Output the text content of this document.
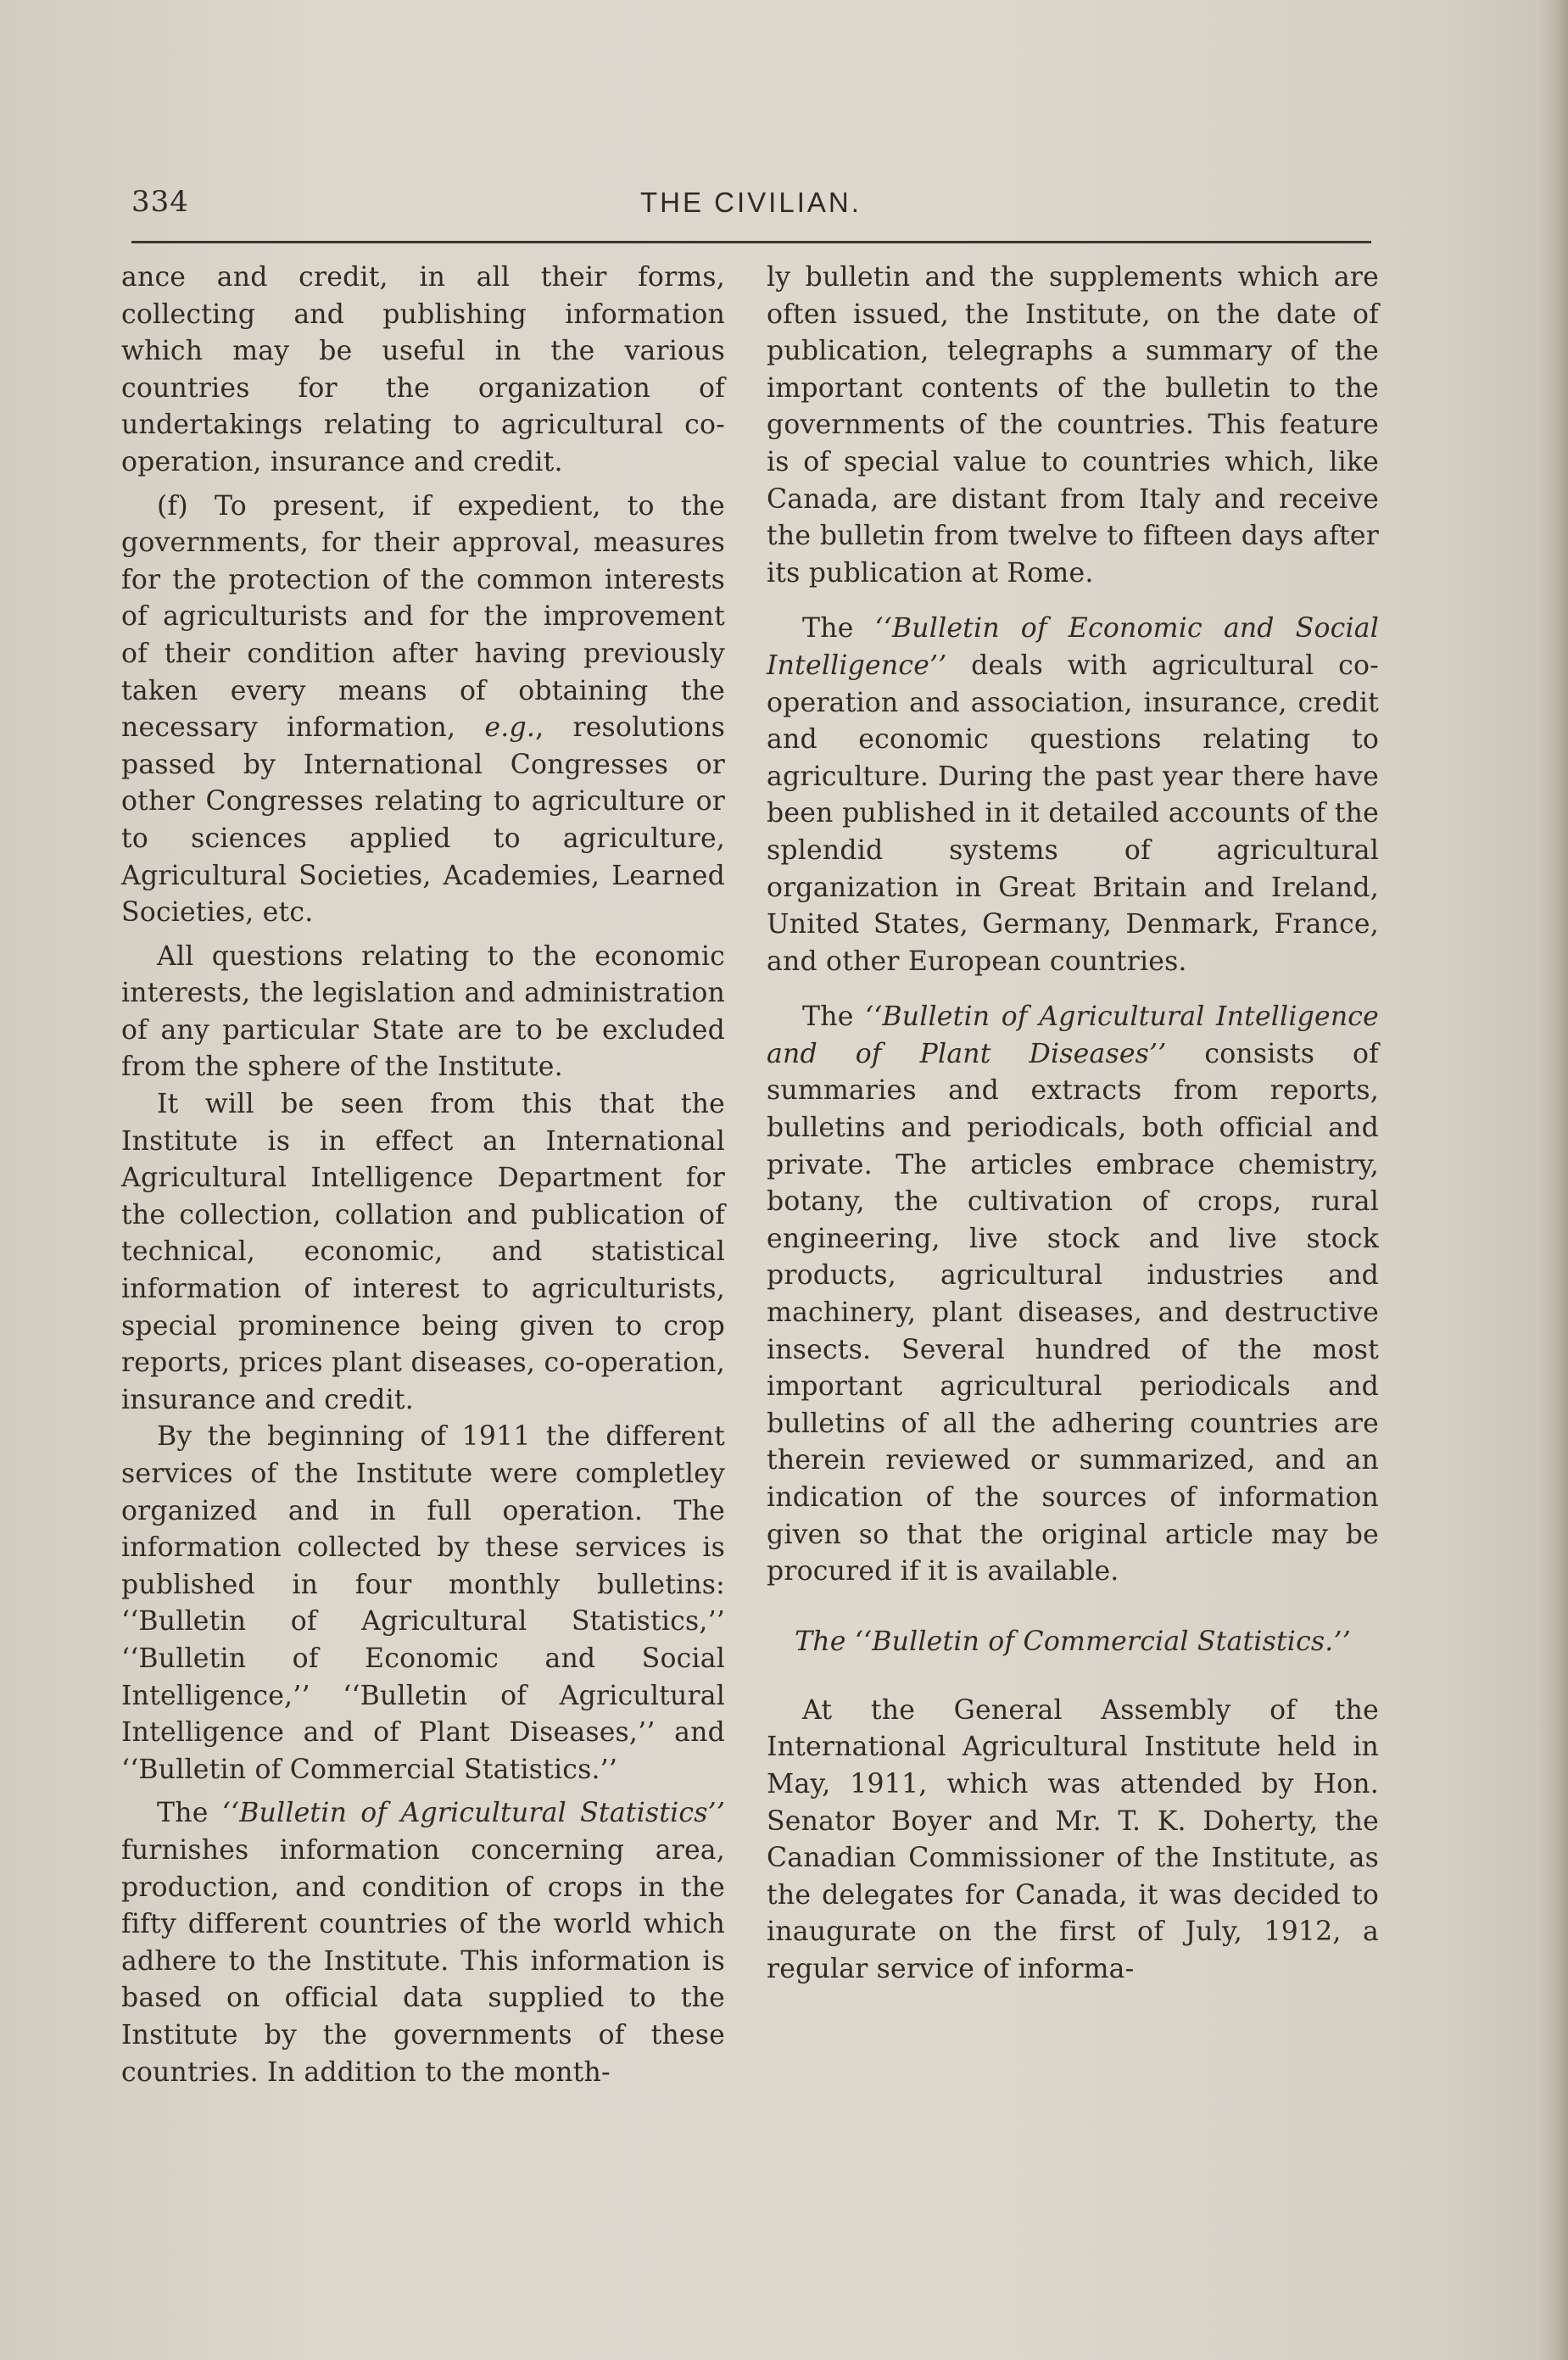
334	THE CIVILIAN.

ance and credit, in all their forms, collecting and publishing information which may be useful in the various countries for the organization of undertakings relating to agricultural co-operation, insurance and credit.

(f) To present, if expedient, to the governments, for their approval, measures for the protection of the common interests of agriculturists and for the improvement of their condition after having previously taken every means of obtaining the necessary information, e.g., resolutions passed by International Congresses or other Congresses relating to agriculture or to sciences applied to agriculture, Agricultural Societies, Academies, Learned Societies, etc.

All questions relating to the economic interests, the legislation and administration of any particular State are to be excluded from the sphere of the Institute.

It will be seen from this that the Institute is in effect an International Agricultural Intelligence Department for the collection, collation and publication of technical, economic, and statistical information of interest to agriculturists, special prominence being given to crop reports, prices plant diseases, co-operation, insurance and credit.

By the beginning of 1911 the different services of the Institute were completley organized and in full operation. The information collected by these services is published in four monthly bulletins: ‘‘Bulletin of Agricultural Statistics,’’ ‘‘Bulletin of Economic and Social Intelligence,’’ ‘‘Bulletin of Agricultural Intelligence and of Plant Diseases,’’ and ‘‘Bulletin of Commercial Statistics.’’

The ‘‘Bulletin of Agricultural Statistics’’ furnishes information concerning area, production, and condition of crops in the fifty different countries of the world which adhere to the Institute. This information is based on official data supplied to the Institute by the governments of these countries. In addition to the month-

ly bulletin and the supplements which are often issued, the Institute, on the date of publication, telegraphs a summary of the important contents of the bulletin to the governments of the countries. This feature is of special value to countries which, like Canada, are distant from Italy and receive the bulletin from twelve to fifteen days after its publication at Rome.

The ‘‘Bulletin of Economic and Social Intelligence’’ deals with agricultural co-operation and association, insurance, credit and economic questions relating to agriculture. During the past year there have been published in it detailed accounts of the splendid systems of agricultural organization in Great Britain and Ireland, United States, Germany, Denmark, France, and other European countries.

The ‘‘Bulletin of Agricultural Intelligence and of Plant Diseases’’ consists of summaries and extracts from reports, bulletins and periodicals, both official and private. The articles embrace chemistry, botany, the cultivation of crops, rural engineering, live stock and live stock products, agricultural industries and machinery, plant diseases, and destructive insects. Several hundred of the most important agricultural periodicals and bulletins of all the adhering countries are therein reviewed or summarized, and an indication of the sources of information given so that the original article may be procured if it is available.

The ‘‘Bulletin of Commercial Statistics.’’

At the General Assembly of the International Agricultural Institute held in May, 1911, which was attended by Hon. Senator Boyer and Mr. T. K. Doherty, the Canadian Commissioner of the Institute, as the delegates for Canada, it was decided to inaugurate on the first of July, 1912, a regular service of informa-
